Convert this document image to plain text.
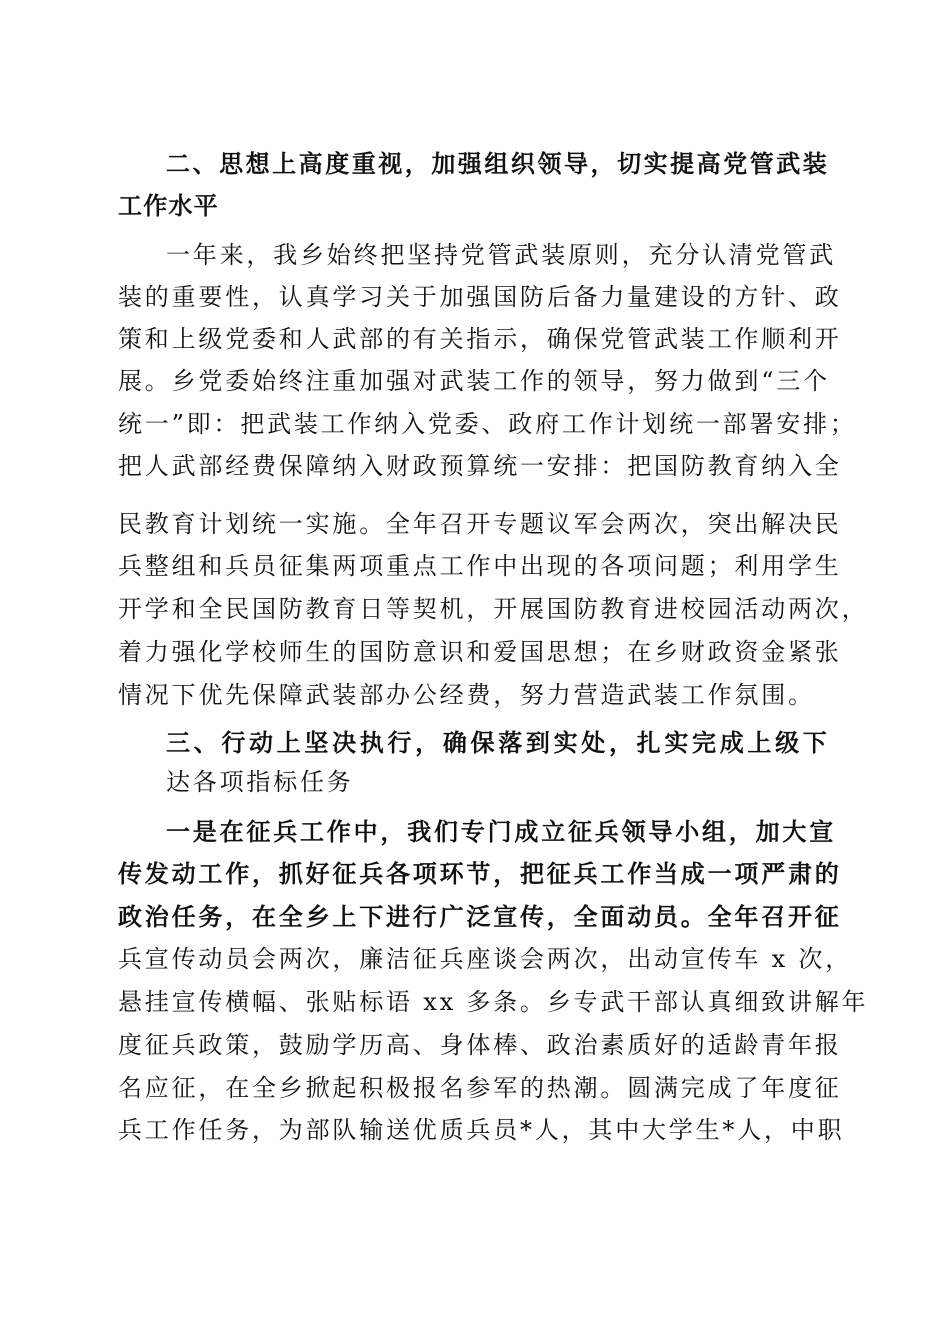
二、思想上高度重视，加强组织领导，切实提高党管武装
工作水平
一年来，我乡始终把坚持党管武装原则，充分认清党管武
装的重要性，认真学习关于加强国防后备力量建设的方针、政
策和上级党委和人武部的有关指示，确保党管武装工作顺利开
展。乡党委始终注重加强对武装工作的领导，努力做到“三个
统一”即：把武装工作纳入党委、政府工作计划统一部署安排；
把人武部经费保障纳入财政预算统一安排：把国防教育纳入全
民教育计划统一实施。全年召开专题议军会两次，突出解决民
兵整组和兵员征集两项重点工作中出现的各项问题；利用学生
开学和全民国防教育日等契机，开展国防教育进校园活动两次，
着力强化学校师生的国防意识和爱国思想；在乡财政资金紧张
情况下优先保障武装部办公经费，努力营造武装工作氛围。
三、行动上坚决执行，确保落到实处，扎实完成上级下
达各项指标任务
一是在征兵工作中，我们专门成立征兵领导小组，加大宣
传发动工作，抓好征兵各项环节，把征兵工作当成一项严肃的
政治任务，在全乡上下进行广泛宣传，全面动员。全年召开征
兵宣传动员会两次，廉洁征兵座谈会两次，出动宣传车 x 次，
悬挂宣传横幅、张贴标语 xx 多条。乡专武干部认真细致讲解年
度征兵政策，鼓励学历高、身体棒、政治素质好的适龄青年报
名应征，在全乡掀起积极报名参军的热潮。圆满完成了年度征
兵工作任务，为部队输送优质兵员*人，其中大学生*人，中职
